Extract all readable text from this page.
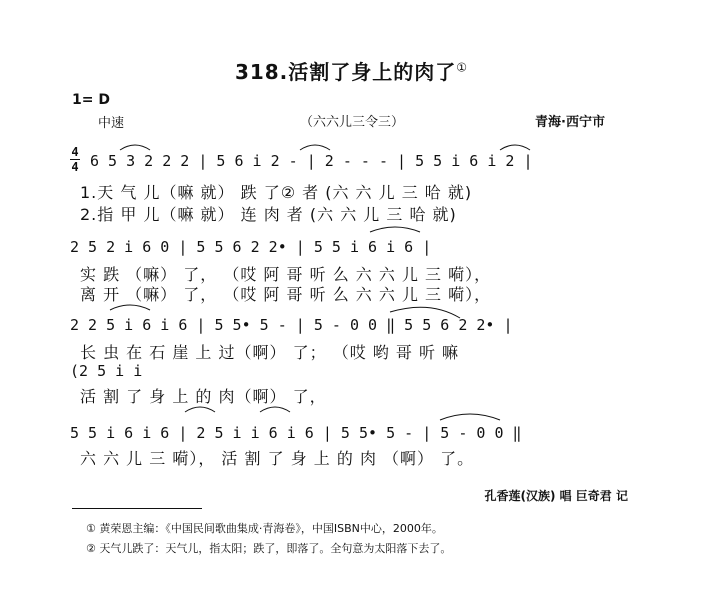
318.活割了身上的肉了①
1= D
中速	（六六儿三令三）	青海·西宁市
4
4 6 5 3 2 2 2 | 5 6 i 2 - | 2 - - - | 5 5 i 6 i 2 |
1.天 气 儿（嘛 就） 跌 了② 者 (六 六 儿 三 哈 就)
2.指 甲 儿（嘛 就） 连 肉 者 (六 六 儿 三 哈 就)
2 5 2 i 6 0 | 5 5 6 2 2• | 5 5 i 6 i 6 |
实 跌 （嘛） 了， （哎 阿 哥 听 么 六 六 儿 三 嗬），
离 开 （嘛） 了， （哎 阿 哥 听 么 六 六 儿 三 嗬），
2 2 5 i 6 i 6 | 5 5• 5 - | 5 - 0 0 ‖ 5 5 6 2 2• |
长 虫 在 石 崖 上 过（啊） 了； （哎 哟 哥 听 嘛
(2 5 i i
活 割 了 身 上 的 肉（啊） 了，
5 5 i 6 i 6 | 2 5 i i 6 i 6 | 5 5• 5 - | 5 - 0 0 ‖
六 六 儿 三 嗬）， 活 割 了 身 上 的 肉 （啊） 了。
孔香莲(汉族) 唱 巨奇君 记
① 黄荣恩主编：《中国民间歌曲集成·青海卷》，中国ISBN中心，2000年。
② 天气儿跌了：天气儿，指太阳；跌了，即落了。全句意为太阳落下去了。
